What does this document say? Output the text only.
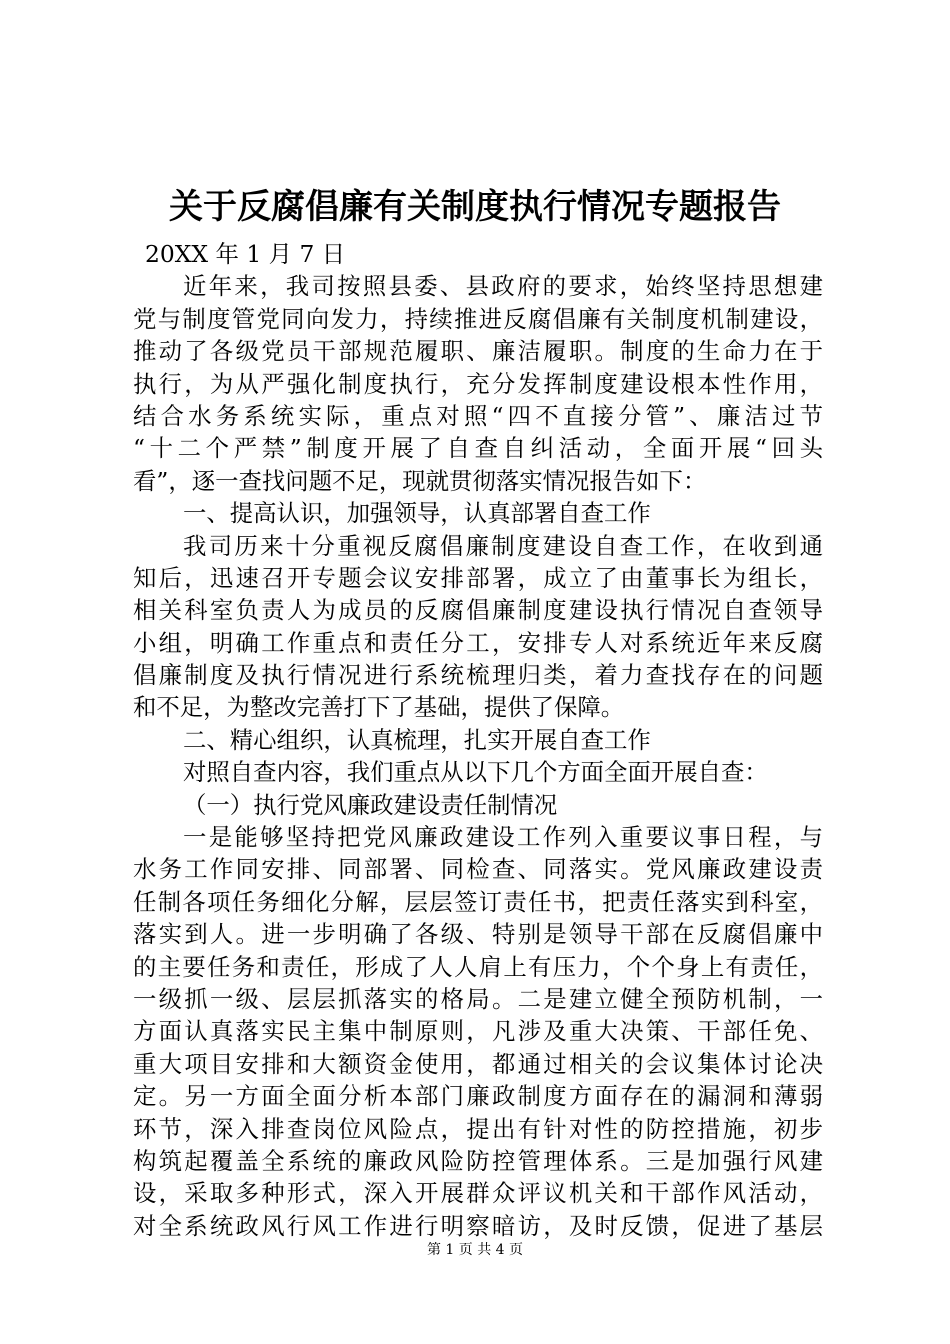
关于反腐倡廉有关制度执行情况专题报告
20XX 年 1 月 7 日
近年来，我司按照县委、县政府的要求，始终坚持思想建
党与制度管党同向发力，持续推进反腐倡廉有关制度机制建设，
推动了各级党员干部规范履职、廉洁履职。制度的生命力在于
执行，为从严强化制度执行，充分发挥制度建设根本性作用，
结合水务系统实际，重点对照“四不直接分管”、廉洁过节
“十二个严禁”制度开展了自查自纠活动，全面开展“回头
看”，逐一查找问题不足，现就贯彻落实情况报告如下：
一、提高认识，加强领导，认真部署自查工作
我司历来十分重视反腐倡廉制度建设自查工作，在收到通
知后，迅速召开专题会议安排部署，成立了由董事长为组长，
相关科室负责人为成员的反腐倡廉制度建设执行情况自查领导
小组，明确工作重点和责任分工，安排专人对系统近年来反腐
倡廉制度及执行情况进行系统梳理归类，着力查找存在的问题
和不足，为整改完善打下了基础，提供了保障。
二、精心组织，认真梳理，扎实开展自查工作
对照自查内容，我们重点从以下几个方面全面开展自查：
（一）执行党风廉政建设责任制情况
一是能够坚持把党风廉政建设工作列入重要议事日程，与
水务工作同安排、同部署、同检查、同落实。党风廉政建设责
任制各项任务细化分解，层层签订责任书，把责任落实到科室，
落实到人。进一步明确了各级、特别是领导干部在反腐倡廉中
的主要任务和责任，形成了人人肩上有压力，个个身上有责任，
一级抓一级、层层抓落实的格局。二是建立健全预防机制，一
方面认真落实民主集中制原则，凡涉及重大决策、干部任免、
重大项目安排和大额资金使用，都通过相关的会议集体讨论决
定。另一方面全面分析本部门廉政制度方面存在的漏洞和薄弱
环节，深入排查岗位风险点，提出有针对性的防控措施，初步
构筑起覆盖全系统的廉政风险防控管理体系。三是加强行风建
设，采取多种形式，深入开展群众评议机关和干部作风活动，
对全系统政风行风工作进行明察暗访，及时反馈，促进了基层
第 1 页 共 4 页
